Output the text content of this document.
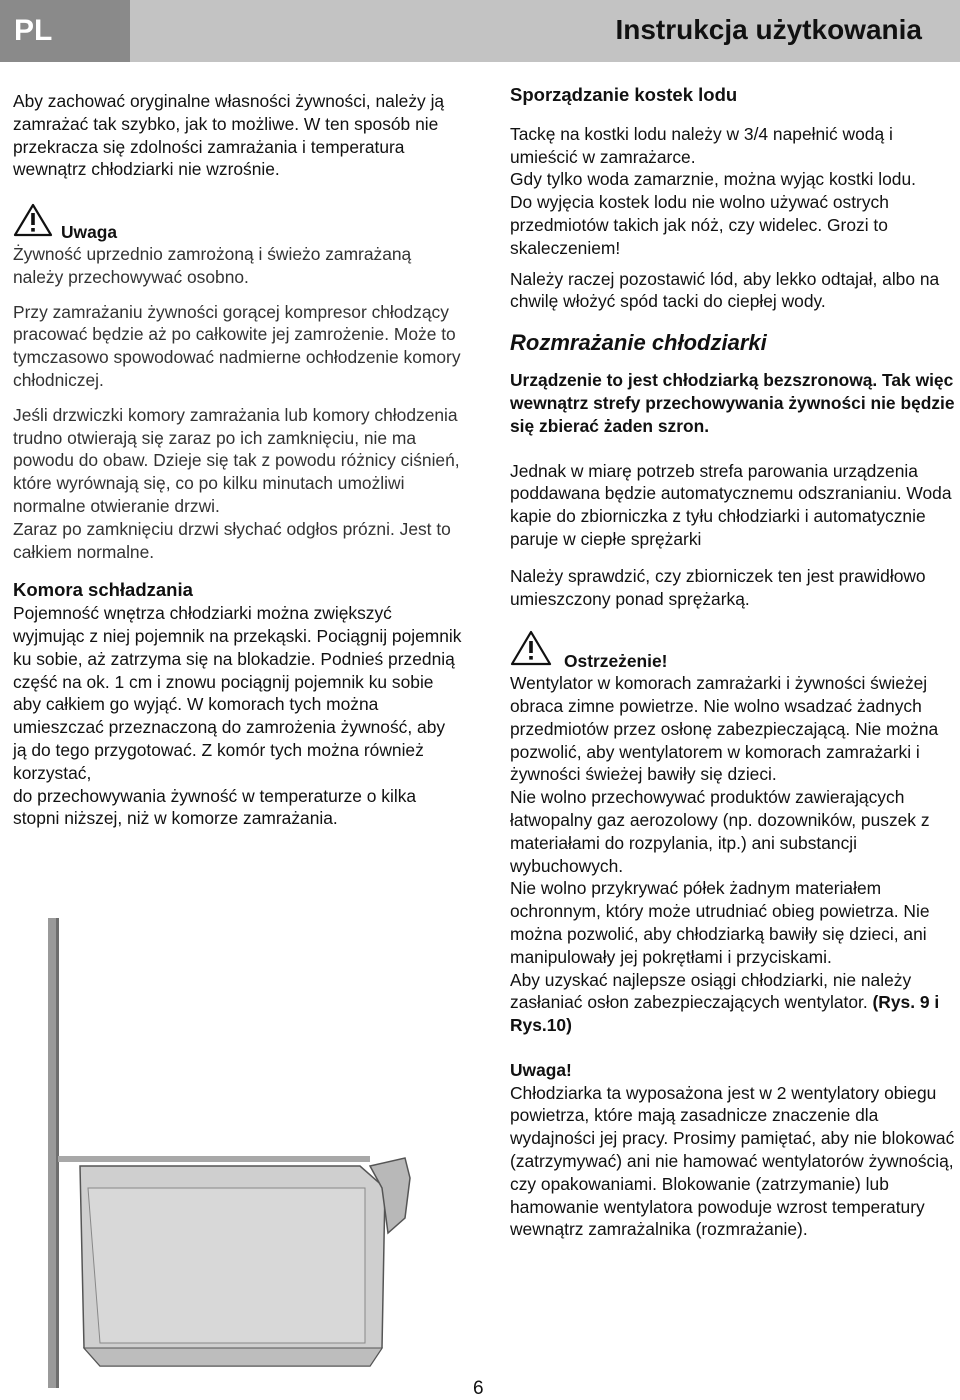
PL	Instrukcja użytkowania

Aby zachować oryginalne własności żywności, należy ją zamrażać tak szybko, jak to możliwe. W ten sposób nie przekracza się zdolności zamrażania i temperatura wewnątrz chłodziarki nie wzrośnie.

Uwaga

Żywność uprzednio zamrożoną i świeżo zamrażaną należy przechowywać osobno.

Przy zamrażaniu żywności gorącej kompresor chłodzący pracować będzie aż po całkowite jej zamrożenie. Może to tymczasowo spowodować nadmierne ochłodzenie komory chłodniczej.

Jeśli drzwiczki komory zamrażania lub komory chłodzenia trudno otwierają się zaraz po ich zamknięciu, nie ma powodu do obaw. Dzieje się tak z powodu różnicy ciśnień, które wyrównają się, co po kilku minutach umożliwi normalne otwieranie drzwi.

Zaraz po zamknięciu drzwi słychać odgłos prózni. Jest to całkiem normalne.

Komora schładzania

Pojemność wnętrza chłodziarki można zwiększyć wyjmując z niej pojemnik na przekąski. Pociągnij pojemnik ku sobie, aż zatrzyma się na blokadzie. Podnieś przednią część na ok. 1 cm i znowu pociągnij pojemnik ku sobie aby całkiem go wyjąć. W komorach tych można umieszczać przeznaczoną do zamrożenia żywność, aby ją do tego przygotować. Z komór tych można również korzystać,

do przechowywania żywność w temperaturze o kilka stopni niższej, niż w komorze zamrażania.

Sporządzanie kostek lodu

Tackę na kostki lodu należy w 3/4 napełnić wodą i umieścić w zamrażarce.

Gdy tylko woda zamarznie, można wyjąc kostki lodu.

Do wyjęcia kostek lodu nie wolno używać ostrych przedmiotów takich jak nóż, czy widelec. Grozi to skaleczeniem!

Należy raczej pozostawić lód, aby lekko odtajał, albo na chwilę włożyć spód tacki do ciepłej wody.

Rozmrażanie chłodziarki

Urządzenie to jest chłodziarką bezszronową. Tak więc wewnątrz strefy przechowywania żywności nie będzie się zbierać żaden szron.

Jednak w miarę potrzeb strefa parowania urządzenia poddawana będzie automatycznemu odszranianiu. Woda kapie do zbiorniczka z tyłu chłodziarki i automatycznie paruje w ciepłe sprężarki

Należy sprawdzić, czy zbiorniczek ten jest prawidłowo umieszczony ponad sprężarką.

Ostrzeżenie!

Wentylator w komorach zamrażarki i żywności świeżej obraca zimne powietrze. Nie wolno wsadzać żadnych przedmiotów przez osłonę zabezpieczającą. Nie można pozwolić, aby wentylatorem w komorach zamrażarki i żywności świeżej bawiły się dzieci.

Nie wolno przechowywać produktów zawierających łatwopalny gaz aerozolowy (np. dozowników, puszek z materiałami do rozpylania, itp.) ani substancji wybuchowych.

Nie wolno przykrywać półek żadnym materiałem ochronnym, który może utrudniać obieg powietrza. Nie można pozwolić, aby chłodziarką bawiły się dzieci, ani manipulowały jej pokrętłami i przyciskami.

Aby uzyskać najlepsze osiągi chłodziarki, nie należy zasłaniać osłon zabezpieczających wentylator. (Rys. 9 i Rys.10)

Uwaga!

Chłodziarka ta wyposażona jest w 2 wentylatory obiegu powietrza, które mają zasadnicze znaczenie dla wydajności jej pracy. Prosimy pamiętać, aby nie blokować (zatrzymywać) ani nie hamować wentylatorów żywnością, czy opakowaniami. Blokowanie (zatrzymanie) lub hamowanie wentylatora powoduje wzrost temperatury wewnątrz zamrażalnika (rozmrażanie).

6
